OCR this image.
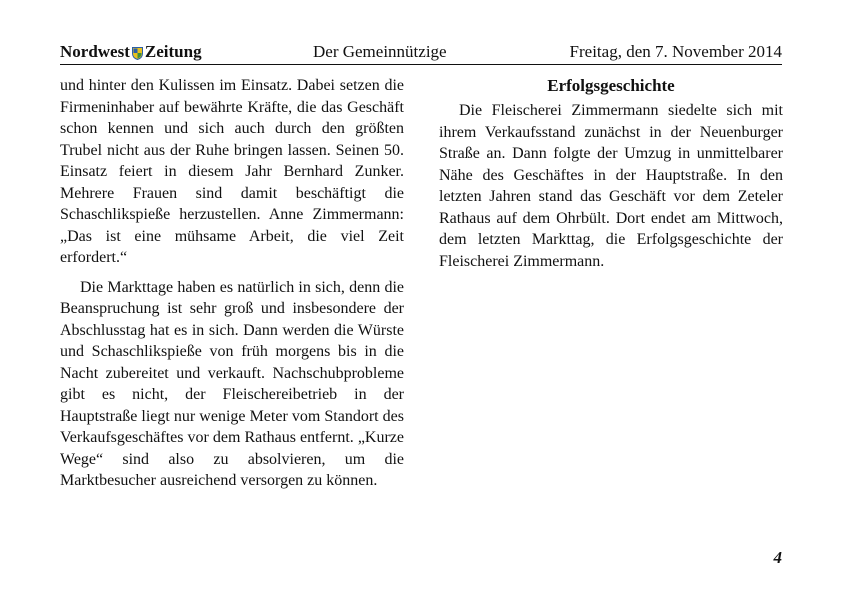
Nordwest Zeitung	Der Gemeinnützige	Freitag, den 7. November 2014

und hinter den Kulissen im Einsatz. Dabei setzen die Firmeninhaber auf bewährte Kräfte, die das Geschäft schon kennen und sich auch durch den größten Trubel nicht aus der Ruhe bringen lassen. Seinen 50. Einsatz feiert in diesem Jahr Bernhard Zunker. Mehrere Frauen sind damit beschäftigt die Schaschlikspieße herzustellen. Anne Zimmermann: „Das ist eine mühsame Arbeit, die viel Zeit erfordert.“

Die Markttage haben es natürlich in sich, denn die Beanspruchung ist sehr groß und insbesondere der Abschlusstag hat es in sich. Dann werden die Würste und Schaschlikspieße von früh morgens bis in die Nacht zubereitet und verkauft. Nachschubprobleme gibt es nicht, der Fleischereibetrieb in der Hauptstraße liegt nur wenige Meter vom Standort des Verkaufsgeschäftes vor dem Rathaus entfernt. „Kurze Wege“ sind also zu absolvieren, um die Marktbesucher ausreichend versorgen zu können.

Erfolgsgeschichte

Die Fleischerei Zimmermann siedelte sich mit ihrem Verkaufsstand zunächst in der Neuenburger Straße an. Dann folgte der Umzug in unmittelbarer Nähe des Geschäftes in der Hauptstraße. In den letzten Jahren stand das Geschäft vor dem Zeteler Rathaus auf dem Ohrbült. Dort endet am Mittwoch, dem letzten Markttag, die Erfolgsgeschichte der Fleischerei Zimmermann.

4
